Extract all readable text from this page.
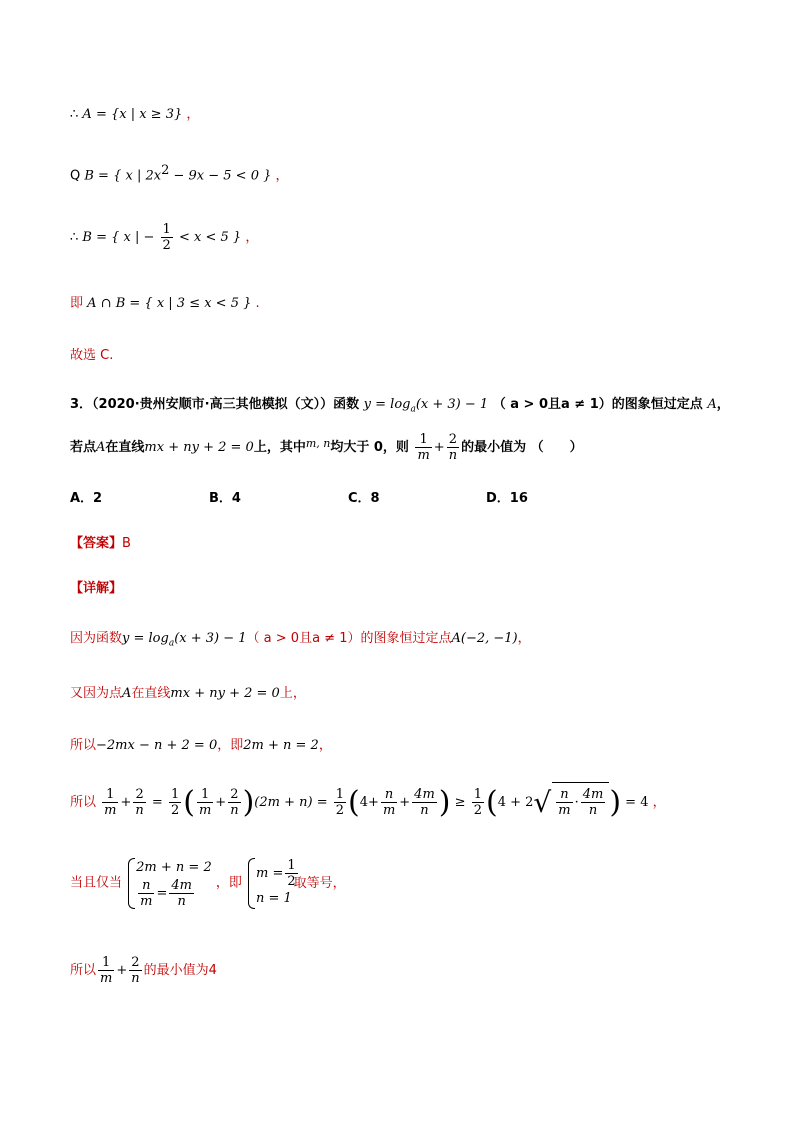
∴ A = {x | x ≥ 3} ，
Q B = { x | $2x^2 - 9x - 5 < 0$ } ，
∴ B = { x | − $\frac{1}{2} < x < 5$ } ，
即 A ∩ B = { x | 3 ≤ x < 5 } .
故选 C.
3．（2020·贵州安顺市·高三其他模拟（文））函数 $y = \log_a(x + 3) - 1$ （ a > 0且a ≠ 1）的图象恒过定点 A，
若点A在直线mx + ny + 2 = 0上，其中$^{m, n}$均大于 0，则 $\frac{1}{m} + \frac{2}{n}$ 的最小值为 （　　）
A．2	B．4	C．8	D．16
【答案】B
【详解】
因为函数$y = \log_a(x + 3) - 1$（ a > 0且a ≠ 1）的图象恒过定点A(−2, −1)，
又因为点A在直线mx + ny + 2 = 0上，
所以−2mx − n + 2 = 0，即2m + n = 2，
所以 $\frac{1}{m} + \frac{2}{n} = \frac{1}{2}$ ( $\frac{1}{m} + \frac{2}{n} )(2m + n) = \frac{1}{2} (4+ \frac{n}{m} + \frac{4m}{n}$ ) ≥ $\frac{1}{2} (4 + 2√ \frac{n}{m} \cdot \frac{4m}{n}$ ) = 4 ，
当且仅当
2m + n = 2
$\frac{n}{m} = \frac{4m}{n}$ ，即
$m = \frac{1}{2}$
n = 1
取等号，
所以 $\frac{1}{m} + \frac{2}{n}$ 的最小值为4
